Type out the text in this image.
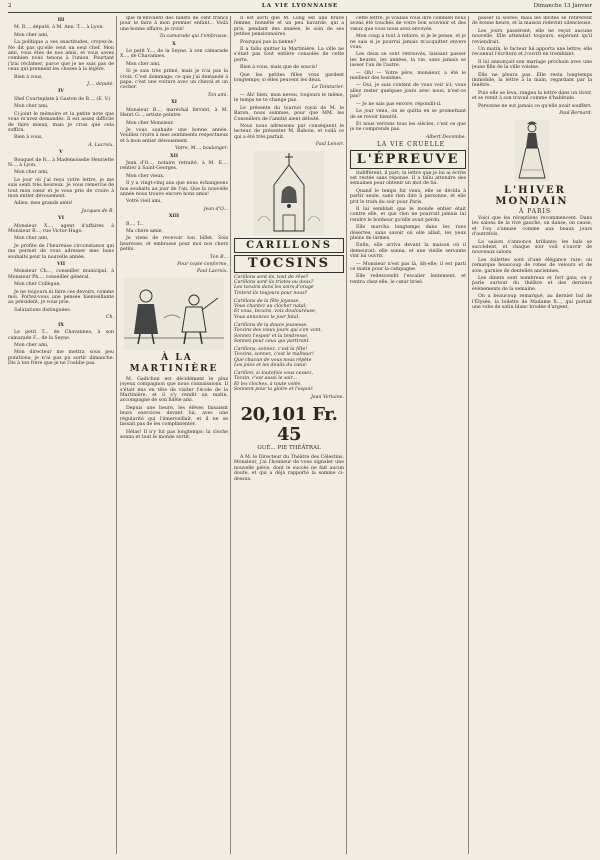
2	LA VIE LYONNAISE	Dimanche 13 Janvier

III

M. R..., député, à M. Ann. T..., à Lyon.

Mon cher ami,

La politique a ses exactitudes, croyez-le. Ne dit pas qu'elle veut un seul chef. Mon ami, vous êtes de nos amis, et vous savez combien nous tenons à l'union. Pourtant j'irai réclamer, parce que je ne suis pas de ceux qui prennent les choses à la légère.

Bien à vous,

J..., député.

IV

Shel Courteplate à Gaston de B..., (E. V.)

Mon cher ami,

Ci-joint le mémoire et la petite note que vous m'avez demandés. Il est assez difficile de faire mieux, mais je crois que cela suffira.

Bien à vous,

A. Lacroix.

V

Bouquet de R... à Mademoiselle Henriette N..., à Lyon.

Mon cher ami,

Le jour où j'ai reçu votre lettre, je me suis senti très heureux. Je vous remercie de tout mon cœur et je vous prie de croire à mon entier dévouement.

Adieu, mes grands amis!

Jacques de B.

VI

Monsieur X..., agent d'affaires à Monsieur B..., rue Victor-Hugo.

Mon cher ami,

Je profite de l'heureuse circonstance qui me permet de vous adresser mes bons souhaits pour la nouvelle année.

VII

Monsieur Ch..., conseiller municipal, à Monsieur Ph..., conseiller général.

Mon cher Collègue,

Je ne toujours ni faire ces devoirs, comme moi. Portez-vous une pensée bienveillante au président, je vous prie.

Salutations distinguées.

Ch.

IX

Le petit T... de Chavannes, à son camarade F... de la Seyne.

Mon cher ami,

Mon directeur me mettra sous peu punitions; je n'ai pas pu sortir dimanche. Dis à ton frère que je ne l'oublie pas.

que m'envoient des billets de cent francs pour le faire à mon premier enfant... Voilà une bonne affaire, je crois!

Ta camarade qui t'embrasse.

X

Le petit Y..., de la Seyne, à son camarade X..., de Chavannes.

Mon cher ami,

Si je sais très primé, mais je n'ai pas la croix. C'est dommage, ce que j'ai demandé à papa, c'est une voiture avec un cheval et un cocher.

Ton ami.

XI

Monsieur B..., maréchal ferrant, à M. Henri G..., artiste peintre.

Mon cher Monsieur,

Je vous souhaite une bonne année. Veuillez croire à mes sentiments respectueux et à mon entier dévouement.

Votre, M..., boulanger.

XII

Jean d'O..., notaire retraité, à M. E..., rentier à Saint-Georges.

Mon cher vieux,

Il y a vingt-cinq ans que nous échangeons nos souhaits au jour de l'an. Que la nouvelle année nous trouve encore bons amis!

Votre vieil ami,

Jean d'O...

XIII

B..., T...

Ma chère amie,

Je viens de recevoir ton billet. Sois heureuse, et embrasse pour moi nos chers petits.

Ton B...

Pour copie conforme,

Paul Lacroix.

À LA MARTINIÈRE

M. Gadichon est décidément le plus joyeux compagnon que nous connaissions. Il s'était mis en tête de visiter l'école de la Martinière, et il s'y rendit un matin, accompagné de son fidèle ami.

Depuis une heure, les élèves faisaient leurs exercices devant lui, avec une régularité qui l'émerveillait, et il ne se lassait pas de les complimenter.

Hélas! Il n'y fut pas longtemps: la cloche sonna et tout le monde sortit.

Il est sorti que M. Long est une brave femme, honnête et un peu bavarde, qui a pris, pendant des années, le soin de ses petites pensionnaires.

Pourquoi pas la tienne?

Il a fallu quitter la Martinière. La ville ne s'était pas tout entière consolée de cette perte.

Bien à vous, mais que de soucis!

Que les petites filles vous gardent longtemps; si elles peuvent les deux.

Le Teinturier.

— Ah! bien, mon neveu, toujours le même, le temps ne te change pas.

Le présente du tournoi royal de M. le Baron, nous sommes, pour que MM. les Conseillers de l'amitié aient débuté.

Nous nous adressons par conséquent le lecteur, de présenter M. Baboin, et voilà ce qui a été très parfait.

Paul Lenoir.

CARILLONS
TOCSINS

Carillons sont-ils, tout de rêve?
Carillons sont-ils tristes ou doux?
Les tocsins dans les soirs d'orage
Tintent-ils toujours pour nous?

Carillons de la fête joyeuse,
Vous chantez au clocher natal;
Et vous, tocsins, voix douloureuse,
Vous annoncez le jour fatal.

Carillons de la douce jeunesse,
Tocsins des vieux jours qui s'en vont,
Sonnez l'espoir et la tendresse,
Sonnez pour ceux qui partiront.

Carillons, sonnez, c'est la fête!
Tocsins, sonnez, c'est le malheur!
Que chacun de vous nous répète
Les joies et les deuils du cœur.

Carillon, si toutefois vous cessez,
Tocsin, c'est aussi le soir...
Et les cloches, à toute volée,
Sonnent pour la gloire et l'espoir.

Jean Verlaine.

20,101 Fr. 45
GUÉ... PIE THÉÂTRAL

À M. le Directeur du Théâtre des Célestins. Monsieur, j'ai l'honneur de vous signaler une nouvelle pièce, dont le succès ne fait aucun doute, et qui a déjà rapporté la somme ci-dessus.

cette lettre, je voulais vous dire combien nous avons été touchés de votre bon souvenir et des vœux que vous nous avez envoyés.

Mon coup a tout à refaire, si je le pense, et je ne sais si je pourrai jamais m'acquitter envers vous.

Les deux se sont retrouvés, laissant passer les heures, les années, la vie, sans jamais se lasser l'un de l'autre.

— Oh! — Votre père, monsieur, a été le meilleur des hommes.

— Oui, je suis content de vous voir ici; vous allez rester quelques jours avec nous, n'est-ce pas?

— Je ne sais pas encore, répondit-il.

Le jour venu, on se quitta en se promettant de se revoir bientôt.

Et nous verrons tous les siècles, c'est ce que je ne comprends pas.

Albert Decombe.

LA VIE CRUELLE

L'ÉPREUVE

Indifférent, il part; la lettre que je lui ai écrite est restée sans réponse. Il a fallu attendre des semaines pour obtenir un mot de lui.

Quand le temps fut venu, elle se décida à partir seule, sans rien dire à personne, et elle prit le train du soir pour Paris.

Il lui semblait que le monde entier était contre elle, et que rien ne pourrait jamais lui rendre le bonheur qu'elle avait perdu.

Elle marcha longtemps dans les rues désertes, sans savoir où elle allait, les yeux pleins de larmes.

Enfin, elle arriva devant la maison où il demeurait; elle sonna, et une vieille servante vint lui ouvrir.

— Monsieur n'est pas là, dit-elle; il est parti ce matin pour la campagne.

Elle redescendit l'escalier lentement, et rentra chez elle, le cœur brisé.

passer la soirée; mais les invités se retirèrent de bonne heure, et la maison redevint silencieuse.

Les jours passèrent; elle ne reçut aucune nouvelle. Elle attendait toujours, espérant qu'il reviendrait.

Un matin, le facteur lui apporta une lettre; elle reconnut l'écriture et l'ouvrit en tremblant.

Il lui annonçait son mariage prochain avec une jeune fille de la ville voisine.

Elle ne pleura pas. Elle resta longtemps immobile, la lettre à la main, regardant par la fenêtre.

Puis elle se leva, rangea la lettre dans un tiroir, et se remit à son travail comme d'habitude.

Personne ne sut jamais ce qu'elle avait souffert.

Paul Bernard.

L'HIVER MONDAIN

À PARIS

Voici que les réceptions recommencent. Dans les salons de la rive gauche, on danse, on cause, et l'on s'amuse comme aux beaux jours d'autrefois.

La saison s'annonce brillante; les bals se succèdent, et chaque soir voit s'ouvrir de nouveaux salons.

Les toilettes sont d'une élégance rare; on remarque beaucoup de robes de velours et de soie, garnies de dentelles anciennes.

Les diners sont nombreux et fort gais; on y parle surtout du théâtre et des derniers événements de la semaine.

On a beaucoup remarqué, au dernier bal de l'Élysée, la toilette de Madame X..., qui portait une robe de satin blanc brodée d'argent.
